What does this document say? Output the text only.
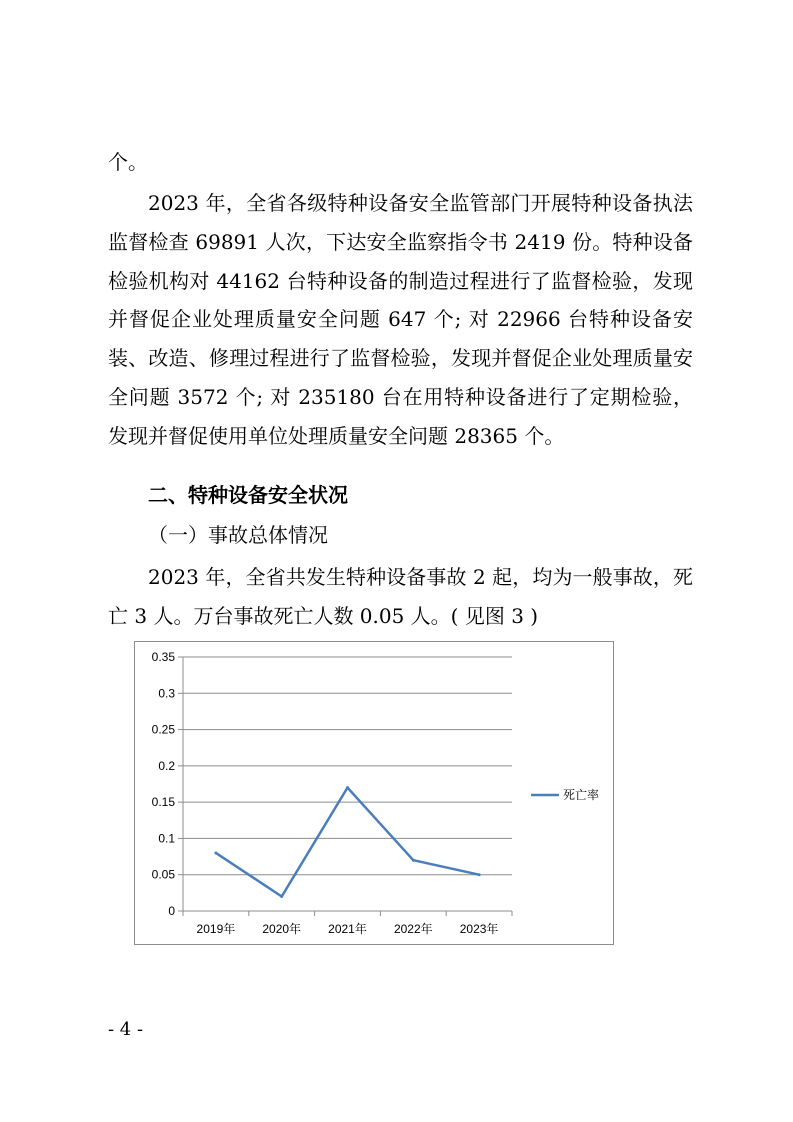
个。
2023 年，全省各级特种设备安全监管部门开展特种设备执法监督检查 69891 人次，下达安全监察指令书 2419 份。特种设备检验机构对 44162 台特种设备的制造过程进行了监督检验，发现并督促企业处理质量安全问题 647 个; 对 22966 台特种设备安装、改造、修理过程进行了监督检验，发现并督促企业处理质量安全问题 3572 个; 对 235180 台在用特种设备进行了定期检验，发现并督促使用单位处理质量安全问题 28365 个。
二、特种设备安全状况
（一）事故总体情况
2023 年，全省共发生特种设备事故 2 起，均为一般事故，死亡 3 人。万台事故死亡人数 0.05 人。( 见图 3 )
0
0.05
0.1
0.15
0.2
0.25
0.3
0.35
2019年 2020年 2021年 2022年 2023年
死亡率
- 4 -
